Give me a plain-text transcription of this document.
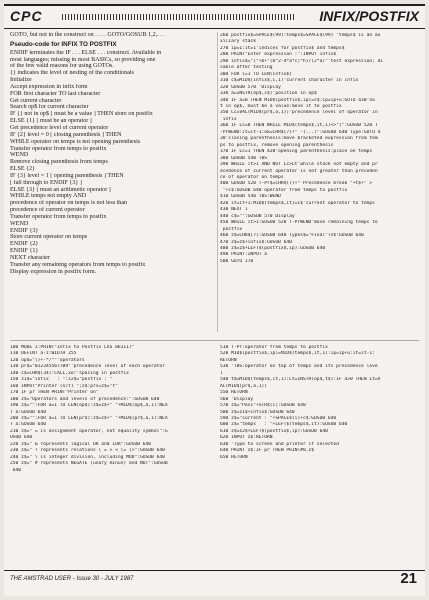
CPC	INFIX/POSTFIX
GOTO, but not in the construct on . . . . GOTO/GOSUB 1,2,. . .
Pseudo-code for INFIX TO POSTFIX
ENDIF terminates the IF . . . ELSE . . . construct. Available in
most languages; missing in most BASICs, so providing one
of the few valid reasons for using GOTOs.
{} indicates the level of nesting of the conditionals
Initialize
Accept expression in infix form
FOR first character TO last character
Get current character
Search op$ for current character
IF {} not in op$ [ must be a value ] THEN store on postfix
ELSE {1} [ must be an operator ]
Get precedence level of current operator
IF {2} level = 0 [ closing parenthesis ] THEN
WHILE operator on temps is not opening parenthesis
Transfer operator from temps to postfix
WEND
Remove closing parenthesis from temps
ELSE {2}
IF {3} level = 1 [ opening parenthesis ] THEN
[ fall through to ENDIF {3} ]
ELSE {3} [ must an arithmetic operator ]
WHILE temps not empty AND
precedence of operator on temps is not less than
precedence of current operator
Transfer operator from temps to postfix
WEND
ENDIF {3}
Store current operator on temps
ENDIF {2}
ENDIF {1}
NEXT character
Transfer any remaining operators from temps to postfix
Display expression in postfix form.
260 postfix$=SPACE$(99):temps$=SPACE$(99) 'temps$ is an au
xiliary stack
270 ip=1:it=1'indices for postfix$ and temps$
280 PRINT"Enter expression :":INPUT infix$
290 infix$="("+b+"(b^2-4*a*c)^h)/(2*a)"'test expression; di
sable after testing
300 FOR i=1 TO LEN(infix$)
310 c$=MID$(infix$,i,1)'current character in infix
320 GOSUB 570 'Display
330 a=INSTR(op$,c$)'position in op$
340 IF a=0 THEN MID$(postfix$,ip)=c$:ip=ip+u:GOTO 430'no
t in op$, must be a value:move it to postfix
350 Lc=VAL(MID$(pr$,a,1))'precedence level of operator in
infix
360 IF Lc=0 THEN WHILE MID$(temps$,it,1)<>"(":GOSUB 520 T
-PrWEND:it=it-1:ok=CHR$(7)+" -(...)":GOSUB 640 Type:GOTO 4
30'closing parenthesis:move bracketed expression from tem
ps to postfix, remove opening parenthesis
370 IF Lc=1 THEN 420'opening parenthesis:place on temps
380 GOSUB 540 T0S
390 WHILE it>1 AND NOT Lc>Lt'while stack not empty and pr
ecedence of current operator is not greater than preceden
ce of operator on temps
400 GOSUB 520 T-Pr$=CHR$(7)+" Precedence break "+t$+" >
"+c$:GOSUB 640 operator from temps to postfix
410 GOSUB 540 T0S:WEND
420 it=it+1:MID$(temps$,it)=c$'current operator to temps
430 NEXT i
440 c$="":GOSUB 570 Display
450 WHILE it>1:GOSUB 520 T-PrWEND'move remaining temps to
postfix
460 z$=CHR$(7):GOSUB 640 Types$="Final"+z$:GOSUB 640
470 z$=z$+infix$:GOSUB 640
480 z$=z$+LEFT$(postfix$,ip):GOSUB 640
490 PRINT:INPUT a
500 GOTO 170
100 MODE 2:PRINT"Infix to Postfix LXS 861117"
110 DEFINT a-z:WIDTH 255
120 op$="()+-*/^"'operators
130 pr$="0123455677B9"'precedence level of each operator
140 c$=CHR$(34):CALL,xo!'spacing in postfix
150 z1$="infix   : ":z2$="postfix : "
160 INPUT"Printer (n/Y) ";z$:prs=z$="Y"
170 IF pr THEN PRINT"Printer on"
180 z$="Operators and levels of precedence:":GOSUB 640
190 z$="":FOR a=1 TO LEN(op$):z$=z$+" "+MID$(op$,a,1):NEX
T a:GOSUB 640
200 z$="":FOR a=1 TO LEN(pr$):z$=z$+" "+MID$(pr$,a,1):NEX
T a:GOSUB 640
210 z$=" = is assignment operator, not equality symbol":G
OSUB 640
220 z$=" & represents logical OR and IOR":GOSUB 640
230 z$=" ? represents relations ( = > < (= (>":GOSUB 640
240 z$=" \ is integer division, including MOD":GOSUB 640
250 z$=" # represents NEGATE (unary minus) and NOT":GOSUB
640
510 T-Pr:operator from temps to postfix
520 MID$(postfix$,ip)=MID$(temps$,it,1):ip=ip+u:it=it-1:
RETURN
530 'T0S:operator on top of temps and its precedence leve
l
540 t$=MID$(temps$,it,1):Lt=INSTR(op$,t$):IF a>0 THEN Lt=V
AL(MID$(pr$,a,1))
550 RETURN
560 'Display
570 z$="Pass"+STR$(i):GOSUB 640
580 z$=z1$+infix$:GOSUB 640
590 z$="current : "+SPACE$(i)+c$:GOSUB 640
600 z$="temps   : "+LEFT$(temps$,it):GOSUB 640
610 z$=z2$+LEFT$(postfix$,ip):GOSUB 640
620 INPUT z$:RETURN
630 'Type to screen and printer if selected
640 PRINT z$:IF pr THEN PRINT#8,z$
650 RETURN
THE AMSTRAD USER - Issue 30 - JULY 1987	21
